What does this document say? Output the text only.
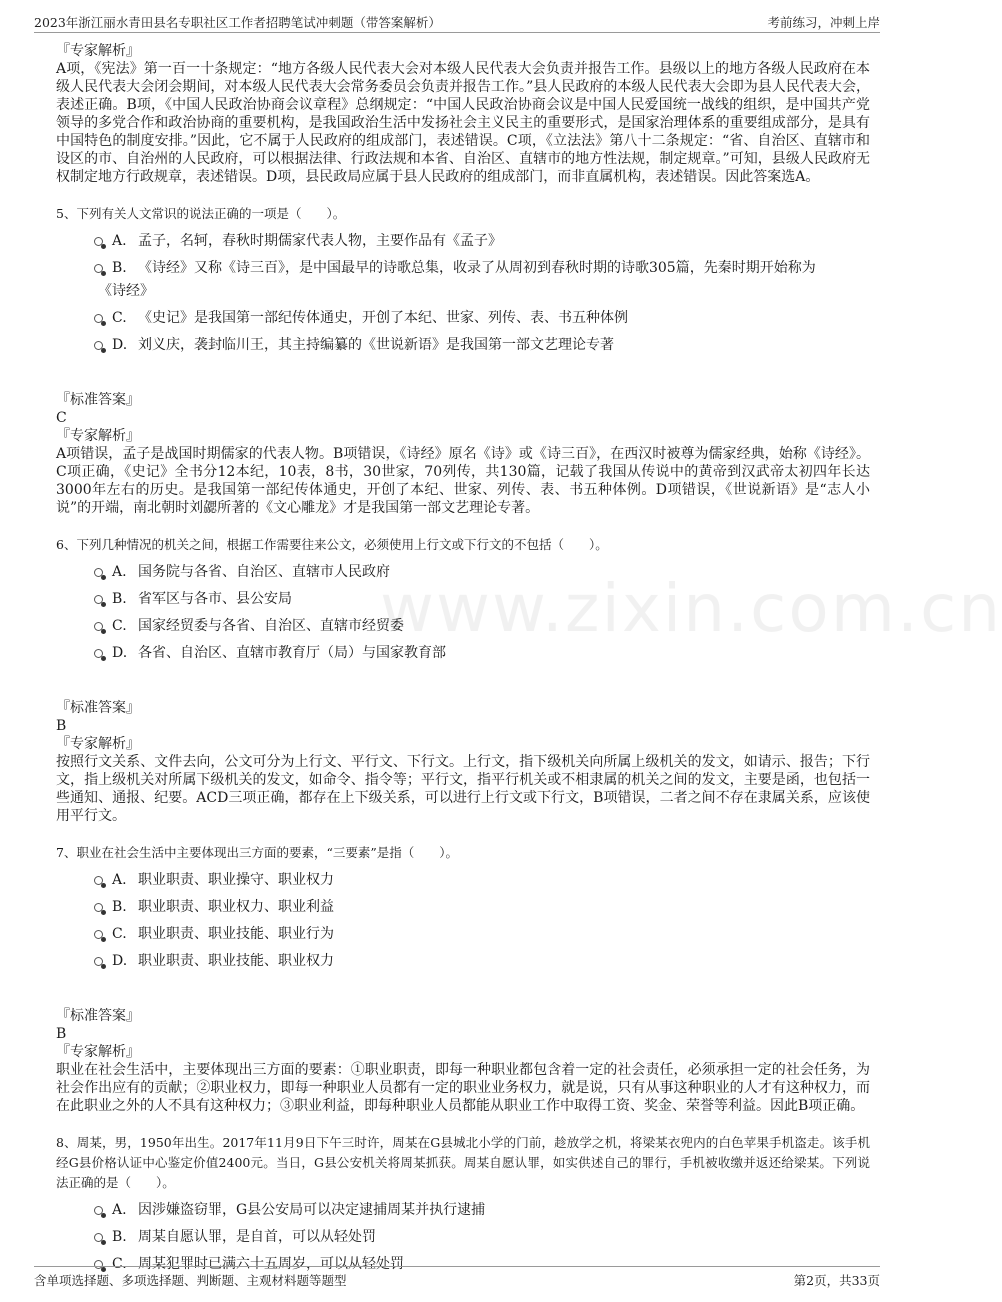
2023年浙江丽水青田县名专职社区工作者招聘笔试冲刺题（带答案解析）	考前练习，冲刺上岸
www.zixin.com.cn

『专家解析』

A项，《宪法》第一百一十条规定：“地方各级人民代表大会对本级人民代表大会负责并报告工作。县级以上的地方各级人民政府在本级人民代表大会闭会期间，对本级人民代表大会常务委员会负责并报告工作。”县人民政府的本级人民代表大会即为县人民代表大会，表述正确。B项，《中国人民政治协商会议章程》总纲规定：“中国人民政治协商会议是中国人民爱国统一战线的组织，是中国共产党领导的多党合作和政治协商的重要机构，是我国政治生活中发扬社会主义民主的重要形式，是国家治理体系的重要组成部分，是具有中国特色的制度安排。”因此，它不属于人民政府的组成部门，表述错误。C项，《立法法》第八十二条规定：“省、自治区、直辖市和设区的市、自治州的人民政府，可以根据法律、行政法规和本省、自治区、直辖市的地方性法规，制定规章。”可知，县级人民政府无权制定地方行政规章，表述错误。D项，县民政局应属于县人民政府的组成部门，而非直属机构，表述错误。因此答案选A。

5、下列有关人文常识的说法正确的一项是（　　）。

A. 孟子，名轲，春秋时期儒家代表人物，主要作品有《孟子》
B. 《诗经》又称《诗三百》，是中国最早的诗歌总集，收录了从周初到春秋时期的诗歌305篇，先秦时期开始称为
《诗经》
C. 《史记》是我国第一部纪传体通史，开创了本纪、世家、列传、表、书五种体例
D. 刘义庆，袭封临川王，其主持编纂的《世说新语》是我国第一部文艺理论专著

『标准答案』

C

『专家解析』

A项错误，孟子是战国时期儒家的代表人物。B项错误，《诗经》原名《诗》或《诗三百》，在西汉时被尊为儒家经典，始称《诗经》。C项正确，《史记》全书分12本纪，10表，8书，30世家，70列传，共130篇，记载了我国从传说中的黄帝到汉武帝太初四年长达3000年左右的历史。是我国第一部纪传体通史，开创了本纪、世家、列传、表、书五种体例。D项错误，《世说新语》是“志人小说”的开端，南北朝时刘勰所著的《文心雕龙》才是我国第一部文艺理论专著。

6、下列几种情况的机关之间，根据工作需要往来公文，必须使用上行文或下行文的不包括（　　）。

A. 国务院与各省、自治区、直辖市人民政府
B. 省军区与各市、县公安局
C. 国家经贸委与各省、自治区、直辖市经贸委
D. 各省、自治区、直辖市教育厅（局）与国家教育部

『标准答案』

B

『专家解析』

按照行文关系、文件去向，公文可分为上行文、平行文、下行文。上行文，指下级机关向所属上级机关的发文，如请示、报告；下行文，指上级机关对所属下级机关的发文，如命令、指令等；平行文，指平行机关或不相隶属的机关之间的发文，主要是函，也包括一些通知、通报、纪要。ACD三项正确，都存在上下级关系，可以进行上行文或下行文，B项错误，二者之间不存在隶属关系，应该使用平行文。

7、职业在社会生活中主要体现出三方面的要素，“三要素”是指（　　）。

A. 职业职责、职业操守、职业权力
B. 职业职责、职业权力、职业利益
C. 职业职责、职业技能、职业行为
D. 职业职责、职业技能、职业权力

『标准答案』

B

『专家解析』

职业在社会生活中，主要体现出三方面的要素：①职业职责，即每一种职业都包含着一定的社会责任，必须承担一定的社会任务，为社会作出应有的贡献；②职业权力，即每一种职业人员都有一定的职业业务权力，就是说，只有从事这种职业的人才有这种权力，而在此职业之外的人不具有这种权力；③职业利益，即每种职业人员都能从职业工作中取得工资、奖金、荣誉等利益。因此B项正确。

8、周某，男，1950年出生。2017年11月9日下午三时许，周某在G县城北小学的门前，趁放学之机，将梁某衣兜内的白色苹果手机盗走。该手机经G县价格认证中心鉴定价值2400元。当日，G县公安机关将周某抓获。周某自愿认罪，如实供述自己的罪行，手机被收缴并返还给梁某。下列说法正确的是（　　）。

A. 因涉嫌盗窃罪，G县公安局可以决定逮捕周某并执行逮捕
B. 周某自愿认罪，是自首，可以从轻处罚
C. 周某犯罪时已满六十五周岁，可以从轻处罚
含单项选择题、多项选择题、判断题、主观材料题等题型	第2页，共33页
